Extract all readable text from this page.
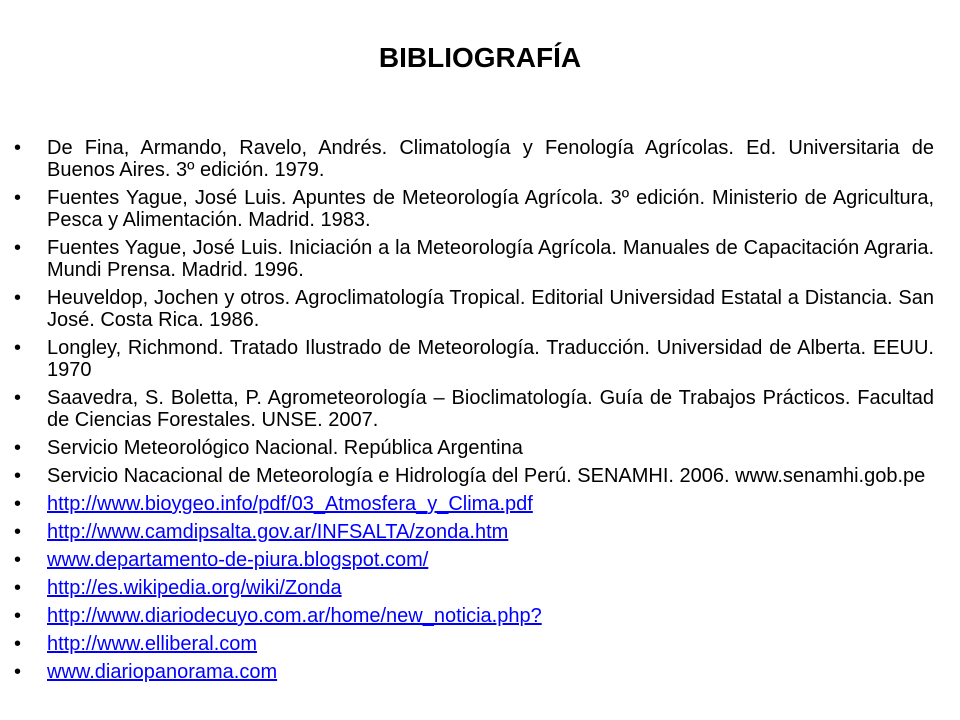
BIBLIOGRAFÍA
•	De Fina, Armando, Ravelo, Andrés. Climatología y Fenología Agrícolas. Ed. Universitaria de Buenos Aires. 3º edición. 1979.
•	Fuentes Yague, José Luis. Apuntes de Meteorología Agrícola. 3º edición. Ministerio de Agricultura, Pesca y Alimentación. Madrid. 1983.
•	Fuentes Yague, José Luis. Iniciación a la Meteorología Agrícola. Manuales de Capacitación Agraria. Mundi Prensa. Madrid. 1996.
•	Heuveldop, Jochen y otros. Agroclimatología Tropical. Editorial Universidad Estatal a Distancia. San José. Costa Rica. 1986.
•	Longley, Richmond. Tratado Ilustrado de Meteorología. Traducción. Universidad de Alberta. EEUU. 1970
•	Saavedra, S. Boletta, P. Agrometeorología – Bioclimatología. Guía de Trabajos Prácticos. Facultad de Ciencias Forestales. UNSE. 2007.
•	Servicio Meteorológico Nacional. República Argentina
•	Servicio Nacacional de Meteorología e Hidrología del Perú. SENAMHI. 2006. www.senamhi.gob.pe
•	http://www.bioygeo.info/pdf/03_Atmosfera_y_Clima.pdf
•	http://www.camdipsalta.gov.ar/INFSALTA/zonda.htm
•	www.departamento-de-piura.blogspot.com/
•	http://es.wikipedia.org/wiki/Zonda
•	http://www.diariodecuyo.com.ar/home/new_noticia.php?
•	http://www.elliberal.com
•	www.diariopanorama.com
